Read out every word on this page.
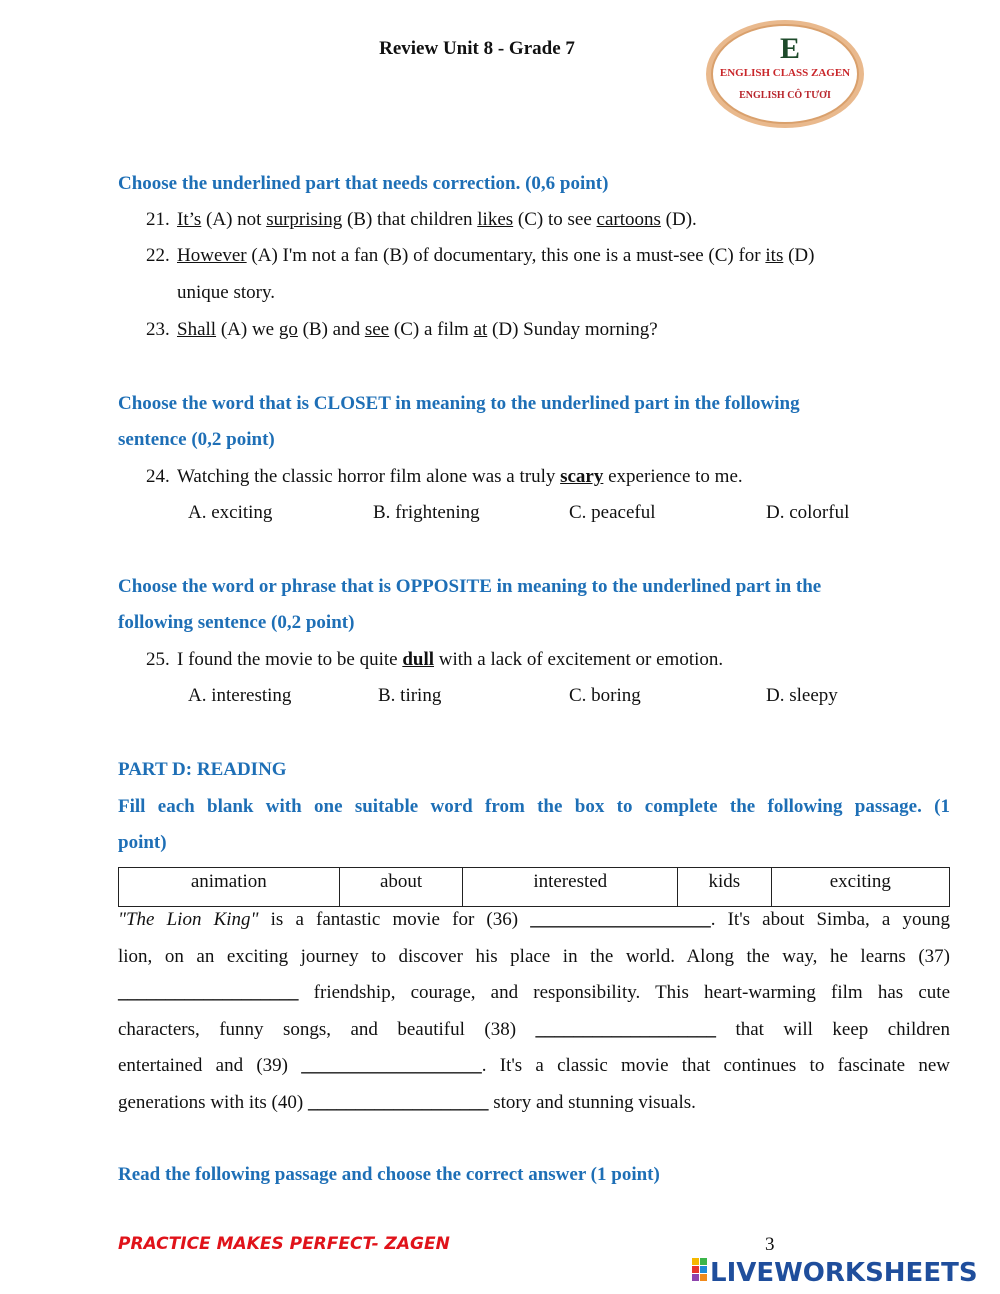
Review Unit 8 - Grade 7	E
ENGLISH CLASS ZAGEN
ENGLISH CÔ TƯƠI
Choose the underlined part that needs correction. (0,6 point)
21. It’s (A) not surprising (B) that children likes (C) to see cartoons (D).
22. However (A) I'm not a fan (B) of documentary, this one is a must-see (C) for its (D)
unique story.
23. Shall (A) we go (B) and see (C) a film at (D) Sunday morning?
Choose the word that is CLOSET in meaning to the underlined part in the following
sentence (0,2 point)
24. Watching the classic horror film alone was a truly scary experience to me.
A. exciting	B. frightening	C. peaceful	D. colorful
Choose the word or phrase that is OPPOSITE in meaning to the underlined part in the
following sentence (0,2 point)
25. I found the movie to be quite dull with a lack of excitement or emotion.
A. interesting	B. tiring	C. boring	D. sleepy
PART D: READING
Fill each blank with one suitable word from the box to complete the following passage. (1
point)
animation	about	interested	kids	exciting
"The Lion King" is a fantastic movie for (36) ___________________. It's about Simba, a young
lion, on an exciting journey to discover his place in the world. Along the way, he learns (37)
___________________ friendship, courage, and responsibility. This heart-warming film has cute
characters, funny songs, and beautiful (38) ___________________ that will keep children
entertained and (39) ___________________. It's a classic movie that continues to fascinate new
generations with its (40) ___________________ story and stunning visuals.
Read the following passage and choose the correct answer (1 point)
PRACTICE MAKES PERFECT- ZAGEN	3
LIVEWORKSHEETS
